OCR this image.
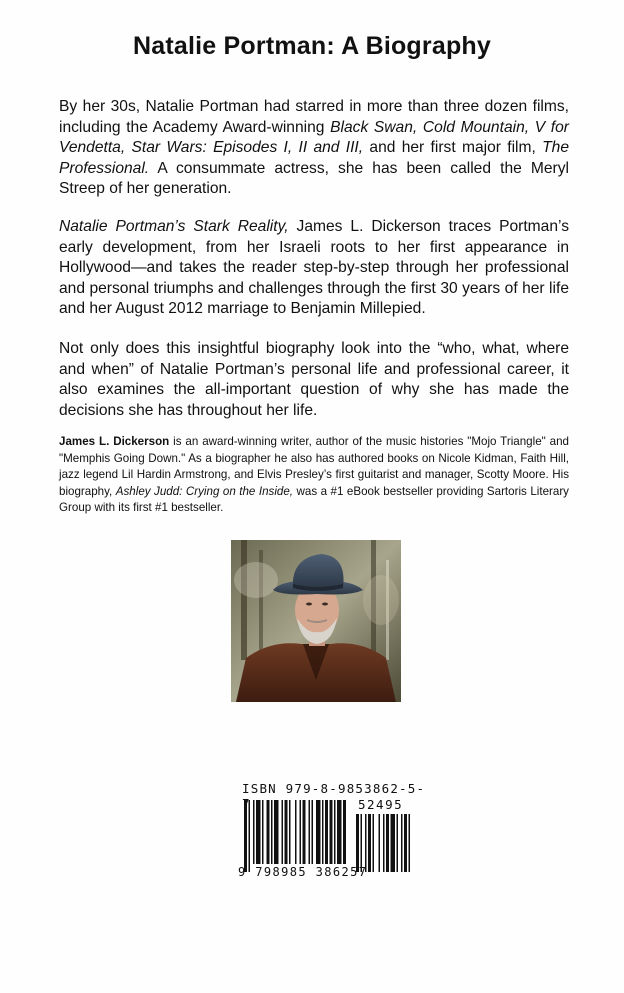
Natalie Portman: A Biography
By her 30s, Natalie Portman had starred in more than three dozen films, including the Academy Award-winning Black Swan, Cold Mountain, V for Vendetta, Star Wars: Episodes I, II and III, and her first major film, The Professional. A consummate actress, she has been called the Meryl Streep of her generation.
Natalie Portman’s Stark Reality, James L. Dickerson traces Portman’s early development, from her Israeli roots to her first appearance in Hollywood—and takes the reader step-by-step through her professional and personal triumphs and challenges through the first 30 years of her life and her August 2012 marriage to Benjamin Millepied.
Not only does this insightful biography look into the “who, what, where and when” of Natalie Portman’s personal life and professional career, it also examines the all-important question of why she has made the decisions she has throughout her life.
James L. Dickerson is an award-winning writer, author of the music histories "Mojo Triangle" and "Memphis Going Down." As a biographer he also has authored books on Nicole Kidman, Faith Hill, jazz legend Lil Hardin Armstrong, and Elvis Presley’s first guitarist and manager, Scotty Moore. His biography, Ashley Judd: Crying on the Inside, was a #1 eBook bestseller providing Sartoris Literary Group with its first #1 bestseller.
ISBN 979-8-9853862-5-7	52495
9 798985 386257
